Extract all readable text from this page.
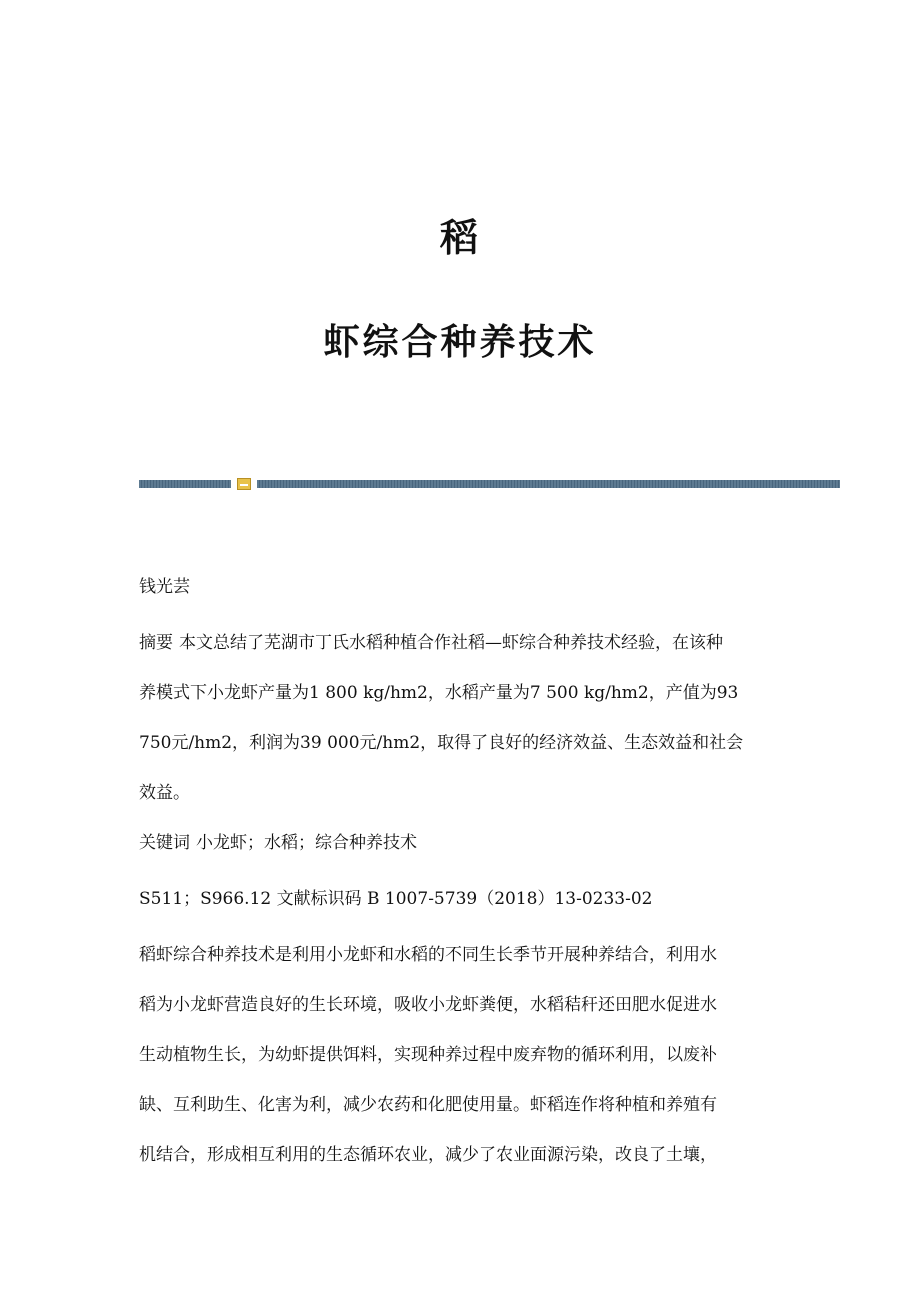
稻
虾综合种养技术
钱光芸
摘要 本文总结了芜湖市丁氏水稻种植合作社稻—虾综合种养技术经验，在该种
养模式下小龙虾产量为1 800 kg/hm2，水稻产量为7 500 kg/hm2，产值为93
750元/hm2，利润为39 000元/hm2，取得了良好的经济效益、生态效益和社会
效益。
关键词 小龙虾；水稻；综合种养技术
S511；S966.12 文献标识码 B 1007-5739（2018）13-0233-02
稻虾综合种养技术是利用小龙虾和水稻的不同生长季节开展种养结合，利用水
稻为小龙虾营造良好的生长环境，吸收小龙虾粪便，水稻秸秆还田肥水促进水
生动植物生长，为幼虾提供饵料，实现种养过程中废弃物的循环利用，以废补
缺、互利助生、化害为利，减少农药和化肥使用量。虾稻连作将种植和养殖有
机结合，形成相互利用的生态循环农业，减少了农业面源污染，改良了土壤，
